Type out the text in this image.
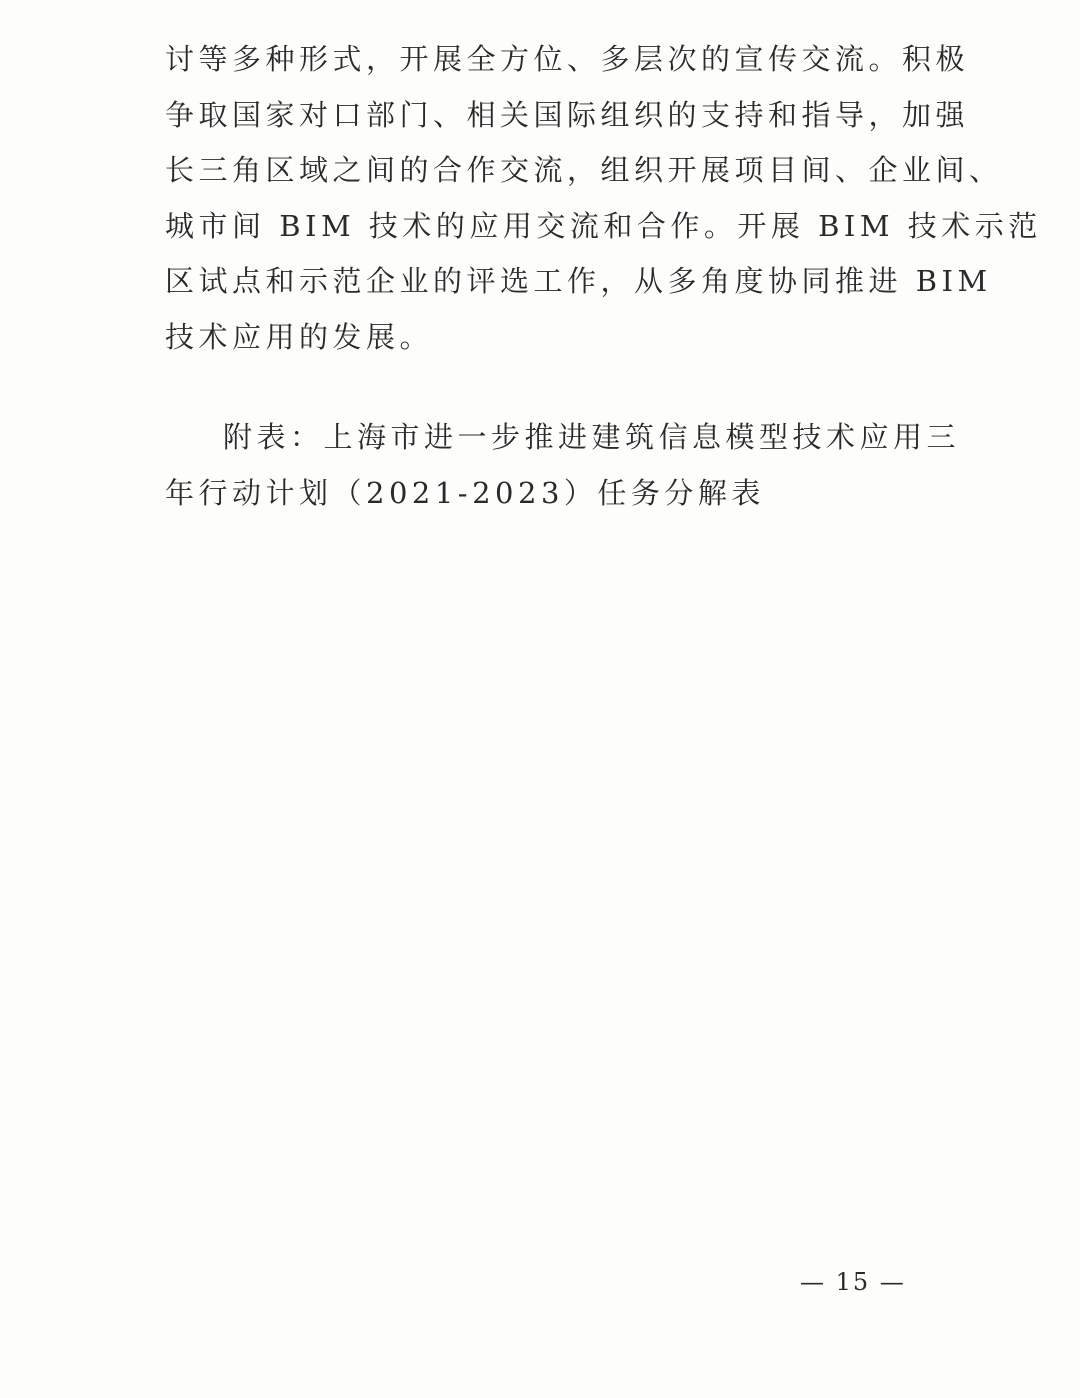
讨等多种形式，开展全方位、多层次的宣传交流。积极
争取国家对口部门、相关国际组织的支持和指导，加强
长三角区域之间的合作交流，组织开展项目间、企业间、
城市间 BIM 技术的应用交流和合作。开展 BIM 技术示范
区试点和示范企业的评选工作，从多角度协同推进 BIM
技术应用的发展。
附表：上海市进一步推进建筑信息模型技术应用三
年行动计划（2021-2023）任务分解表
— 15 —
